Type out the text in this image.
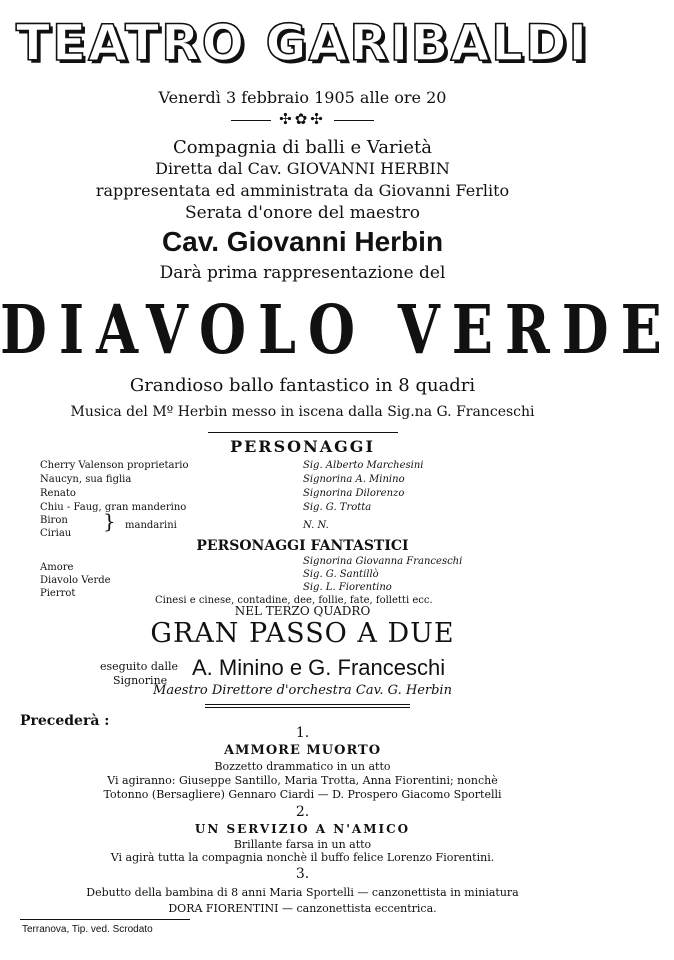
TEATRO GARIBALDI
Venerdì 3 febbraio 1905 alle ore 20
✣✿✣
Compagnia di balli e Varietà
Diretta dal Cav. GIOVANNI HERBIN
rappresentata ed amministrata da Giovanni Ferlito
Serata d'onore del maestro
Cav. Giovanni Herbin
Darà prima rappresentazione del
DIAVOLO VERDE
Grandioso ballo fantastico in 8 quadri
Musica del Mº Herbin messo in iscena dalla Sig.na G. Franceschi
PERSONAGGI
Cherry Valenson proprietario
Naucyn, sua figlia
Renato
Chiu - Faug, gran manderino
Biron
Ciriau
} mandarini
Sig. Alberto Marchesini
Signorina A. Minino
Signorina Dilorenzo
Sig. G. Trotta
N. N.
PERSONAGGI FANTASTICI
Amore
Diavolo Verde
Pierrot
Signorina Giovanna Franceschi
Sig. G. Santillò
Sig. L. Fiorentino
Cinesi e cinese, contadine, dee, follie, fate, folletti ecc.
NEL TERZO QUADRO
GRAN PASSO A DUE
eseguito dalle
Signorine
A. Minino e G. Franceschi
Maestro Direttore d'orchestra Cav. G. Herbin
Precederà :
1.
AMMORE MUORTO
Bozzetto drammatico in un atto
Vi agiranno: Giuseppe Santillo, Maria Trotta, Anna Fiorentini; nonchè
Totonno (Bersagliere) Gennaro Ciardi — D. Prospero Giacomo Sportelli
2.
UN SERVIZIO A N'AMICO
Brillante farsa in un atto
Vi agirà tutta la compagnia nonchè il buffo felice Lorenzo Fiorentini.
3.
Debutto della bambina di 8 anni Maria Sportelli — canzonettista in miniatura
DORA FIORENTINI — canzonettista eccentrica.
Terranova, Tip. ved. Scrodato
